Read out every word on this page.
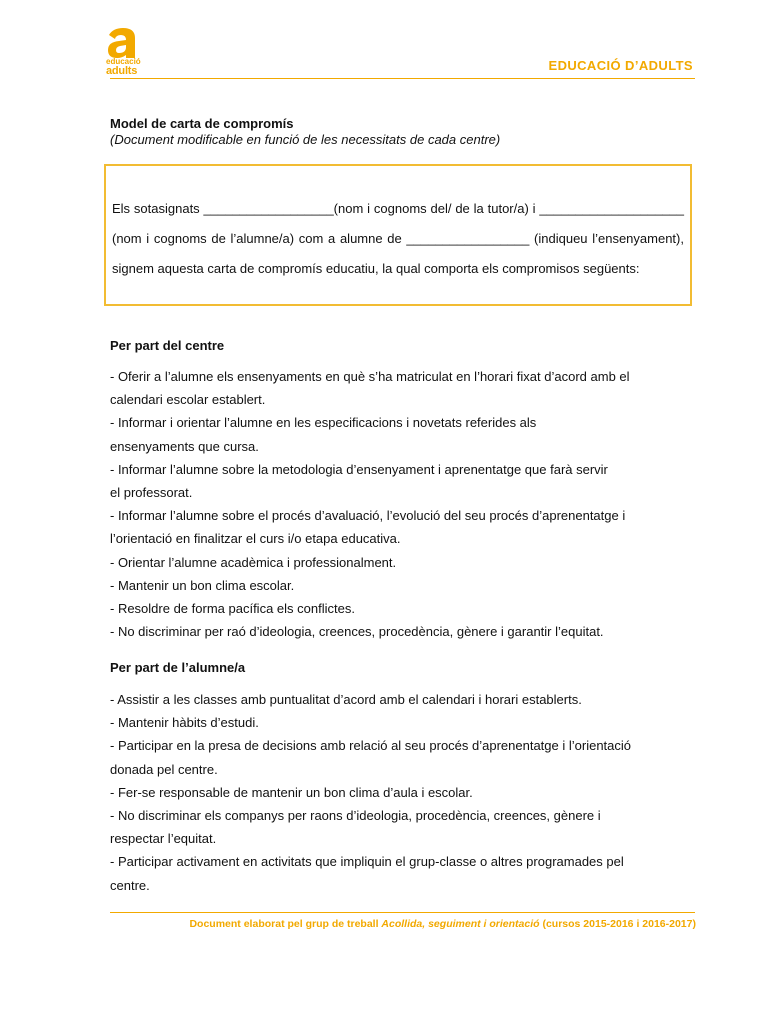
educació
adults	EDUCACIÓ D’ADULTS
Model de carta de compromís
(Document modificable en funció de les necessitats de cada centre)
Els sotasignats __________________(nom i cognoms del/ de la tutor/a) i ____________________ (nom i cognoms de l’alumne/a) com a alumne de _________________ (indiqueu l’ensenyament), signem aquesta carta de compromís educatiu, la qual comporta els compromisos següents:
Per part del centre
- Oferir a l’alumne els ensenyaments en què s’ha matriculat en l’horari fixat d’acord amb el
calendari escolar establert.
- Informar i orientar l’alumne en les especificacions i novetats referides als
ensenyaments que cursa.
- Informar l’alumne sobre la metodologia d’ensenyament i aprenentatge que farà servir
el professorat.
- Informar l’alumne sobre el procés d’avaluació, l’evolució del seu procés d’aprenentatge i
l’orientació en finalitzar el curs i/o etapa educativa.
- Orientar l’alumne acadèmica i professionalment.
- Mantenir un bon clima escolar.
- Resoldre de forma pacífica els conflictes.
- No discriminar per raó d’ideologia, creences, procedència, gènere i garantir l’equitat.
Per part de l’alumne/a
- Assistir a les classes amb puntualitat d’acord amb el calendari i horari establerts.
- Mantenir hàbits d’estudi.
- Participar en la presa de decisions amb relació al seu procés d’aprenentatge i l’orientació
donada pel centre.
- Fer-se responsable de mantenir un bon clima d’aula i escolar.
- No discriminar els companys per raons d’ideologia, procedència, creences, gènere i
respectar l’equitat.
- Participar activament en activitats que impliquin el grup-classe o altres programades pel
centre.
Document elaborat pel grup de treball Acollida, seguiment i orientació (cursos 2015-2016 i 2016-2017)
